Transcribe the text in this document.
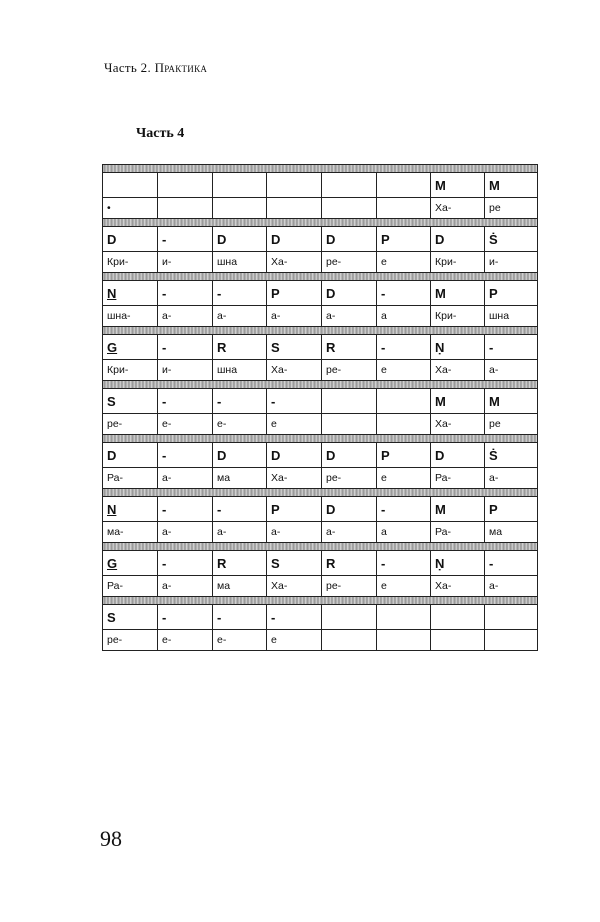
Часть 2. Практика
Часть 4

						M	M
•						Ха-	ре

D	-	D	D	D	P	D	Ṡ
Кри-	и-	шна	Ха-	ре-	е	Кри-	и-

N	-	-	P	D	-	M	P
шна-	а-	а-	а-	а-	а	Кри-	шна

G	-	R	S	R	-	Ṇ	-
Кри-	и-	шна	Ха-	ре-	е	Ха-	а-

S	-	-	-			M	M
ре-	е-	е-	е			Ха-	ре

D	-	D	D	D	P	D	Ṡ
Ра-	а-	ма	Ха-	ре-	е	Ра-	а-

N	-	-	P	D	-	M	P
ма-	а-	а-	а-	а-	а	Ра-	ма

G	-	R	S	R	-	Ṇ	-
Ра-	а-	ма	Ха-	ре-	е	Ха-	а-

S	-	-	-				
ре-	е-	е-	е				
98
